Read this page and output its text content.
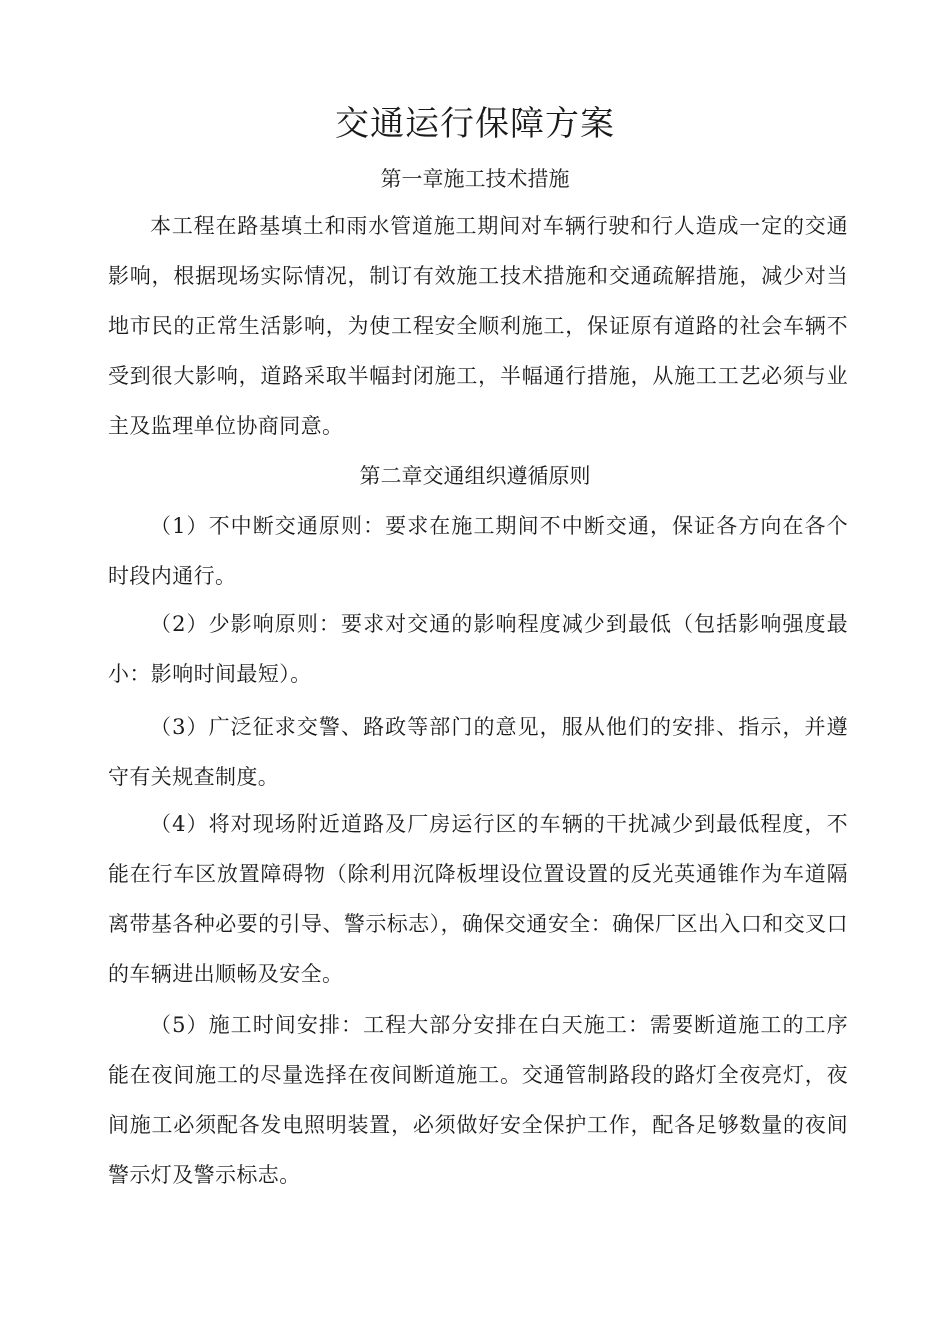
交通运行保障方案
第一章施工技术措施

本工程在路基填土和雨水管道施工期间对车辆行驶和行人造成一定的交通影响，根据现场实际情况，制订有效施工技术措施和交通疏解措施，减少对当地市民的正常生活影响，为使工程安全顺利施工，保证原有道路的社会车辆不受到很大影响，道路采取半幅封闭施工，半幅通行措施，从施工工艺必须与业主及监理单位协商同意。

第二章交通组织遵循原则

（1）不中断交通原则：要求在施工期间不中断交通，保证各方向在各个时段内通行。

（2）少影响原则：要求对交通的影响程度减少到最低（包括影响强度最小：影响时间最短）。

（3）广泛征求交警、路政等部门的意见，服从他们的安排、指示，并遵守有关规查制度。

（4）将对现场附近道路及厂房运行区的车辆的干扰减少到最低程度，不能在行车区放置障碍物（除利用沉降板埋设位置设置的反光英通锥作为车道隔离带基各种必要的引导、警示标志），确保交通安全：确保厂区出入口和交叉口的车辆进出顺畅及安全。

（5）施工时间安排：工程大部分安排在白天施工：需要断道施工的工序能在夜间施工的尽量选择在夜间断道施工。交通管制路段的路灯全夜亮灯，夜间施工必须配各发电照明装置，必须做好安全保护工作，配各足够数量的夜间警示灯及警示标志。
